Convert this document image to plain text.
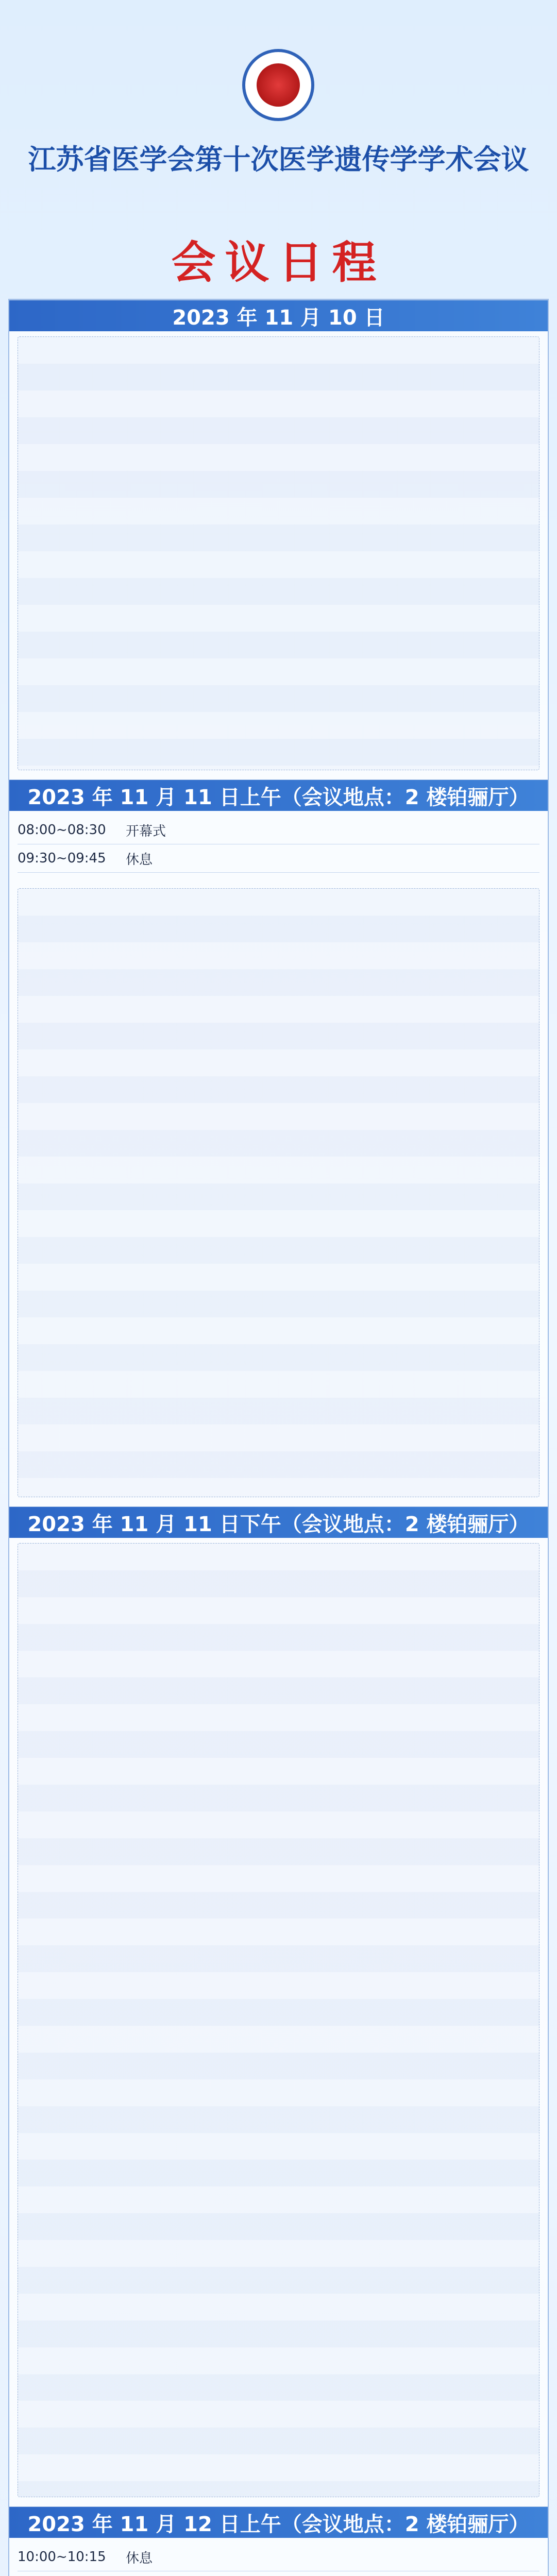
江苏省医学会第十次医学遗传学学术会议
会议日程
2023 年 11 月 10 日
2023 年 11 月 11 日上午（会议地点：2 楼铂骊厅）
08:00~08:30	开幕式
09:30~09:45	休息
2023 年 11 月 11 日下午（会议地点：2 楼铂骊厅）
2023 年 11 月 12 日上午（会议地点：2 楼铂骊厅）
10:00~10:15	休息
